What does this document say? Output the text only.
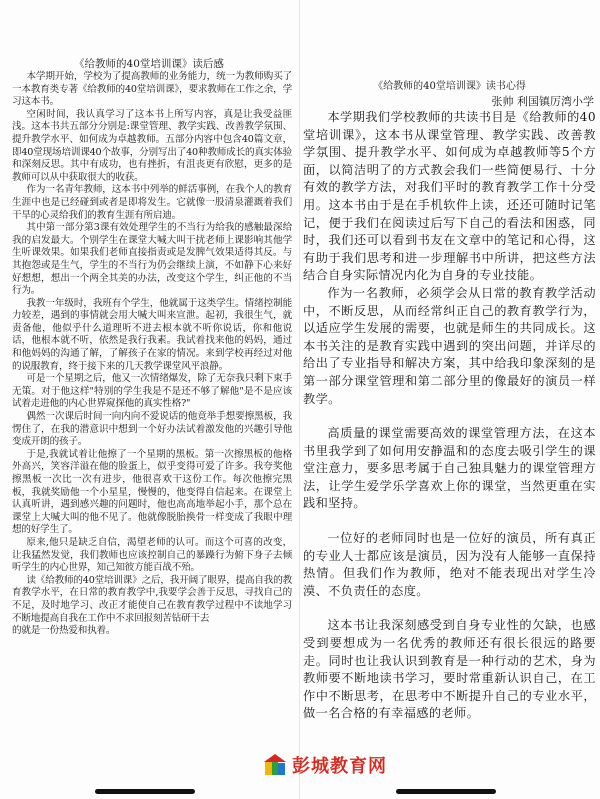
《给教师的40堂培训课》读后感

本学期开始，学校为了提高教师的业务能力，统一为教师购买了一本教育类专著《给教师的40堂培训课》，要求教师在工作之余，学习这本书。

空闲时间，我认真学习了这本书上所写内容，真是让我受益匪浅。这本书共五部分分别是:课堂管理、教学实践、改善教学氛围、提升教学水平、如何成为卓越教师。五部分内容中包含40篇文章，即40堂现场培训课40个故事，分别写出了40种教师成长的真实体验和深刻反思。其中有成功，也有挫折，有沮丧更有欣慰，更多的是教师可以从中获取很大的收获。

作为一名青年教师，这本书中列举的鲜活事例，在我个人的教育生涯中也是已经碰到或者是即将发生。它就像一股清泉灌溉着我们干旱的心灵给我们的教育生涯有所启迪。

其中第一部分第3课有效处理学生的不当行为给我的感触最深给我的启发最大。个别学生在课堂大喊大叫干扰老师上课影响其他学生听课效果。如果我们老师直接指责或是发脾气效果适得其反。与其抱怨或是生气，学生的不当行为仍会继续上演，不如静下心来好好想想，想出一个两全其美的办法，改变这个学生，纠正他的不当行为。

我教一年级时，我班有个学生，他就属于这类学生。情绪控制能力较差，遇到的事情就会用大喊大叫来宣泄。起初，我很生气，就责备他，他似乎什么道理听不进去根本就不听你说话，你和他说话，他根本就不听，依然是我行我素。我试着找来他的妈妈，通过和他妈妈的沟通了解，了解孩子在家的情况。来到学校再经过对他的说服教育，终于接下来的几天教学课堂风平浪静。

可是一个星期之后，他又一次情绪爆发，除了无奈我只剩下束手无策。对于他这样"特别的学生我是不是还不够了解他"是不是应该试着走进他的内心世界窥探他的真实性格?"

偶然一次课后时间一向内向不爱说话的他竟举手想要擦黑板，我愣住了，在我的潜意识中想到一个好办法试着激发他的兴趣引导他变成开朗的孩子。

于是,我就试着让他擦了一个星期的黑板。第一次擦黑板的他格外高兴，笑容洋溢在他的脸蛋上，似乎变得可爱了许多。我夸奖他擦黑板一次比一次有进步，他很喜欢干这份工作。每次他擦完黑板，我就奖励他一个小星星，慢慢的，他变得自信起来。在课堂上认真听讲，遇到感兴趣的问题时，他也高高地举起小手，那个总在课堂上大喊大叫的他不见了。他就像脱胎换骨一样变成了我眼中理想的好学生了。

原来,他只是缺乏自信，渴望老师的认可。而这个可喜的改变，让我猛然发觉，我们教师也应该控制自己的暴躁行为俯下身子去倾听学生的内心世界，知己知彼方能百战不殆。

读《给教师的40堂培训课》之后，我开阔了眼界，提高自我的教育教学水平，在日常的教育教学中,我要学会善于反思，寻找自己的不足，及时地学习、改正才能使自己在教育教学过程中不读地学习不断地提高自我在工作中不求回报刻苦钻研干去

的就是一份热爱和执着。

《给教师的40堂培训课》读书心得

张帅 利国镇厉湾小学

本学期我们学校教师的共读书目是《给教师的40堂培训课》，这本书从课堂管理、教学实践、改善教学氛围、提升教学水平、如何成为卓越教师等5个方面，以简洁明了的方式教会我们一些简便易行、十分有效的教学方法，对我们平时的教育教学工作十分受用。这本书由于是在手机软件上读，还还可随时记笔记，便于我们在阅读过后写下自己的看法和困惑，同时，我们还可以看到书友在文章中的笔记和心得，这有助于我们思考和进一步理解书中所讲，把这些方法结合自身实际情况内化为自身的专业技能。

作为一名教师，必须学会从日常的教育教学活动中，不断反思，从而经常纠正自己的教育教学行为，以适应学生发展的需要，也就是师生的共同成长。这本书关注的是教育实践中遇到的突出问题，并详尽的给出了专业指导和解决方案，其中给我印象深刻的是第一部分课堂管理和第二部分里的像最好的演员一样教学。

高质量的课堂需要高效的课堂管理方法，在这本书里我学到了如何用安静温和的态度去吸引学生的课堂注意力，要多思考属于自己独具魅力的课堂管理方法，让学生爱学乐学喜欢上你的课堂，当然更重在实践和坚持。

一位好的老师同时也是一位好的演员，所有真正的专业人士都应该是演员，因为没有人能够一直保持热情。但我们作为教师，绝对不能表现出对学生冷漠、不负责任的态度。

这本书让我深刻感受到自身专业性的欠缺，也感受到要想成为一名优秀的教师还有很长很远的路要走。同时也让我认识到教育是一种行动的艺术，身为教师要不断地读书学习，要时常重新认识自己，在工作中不断思考，在思考中不断提升自己的专业水平，做一名合格的有幸福感的老师。

彭城教育网
